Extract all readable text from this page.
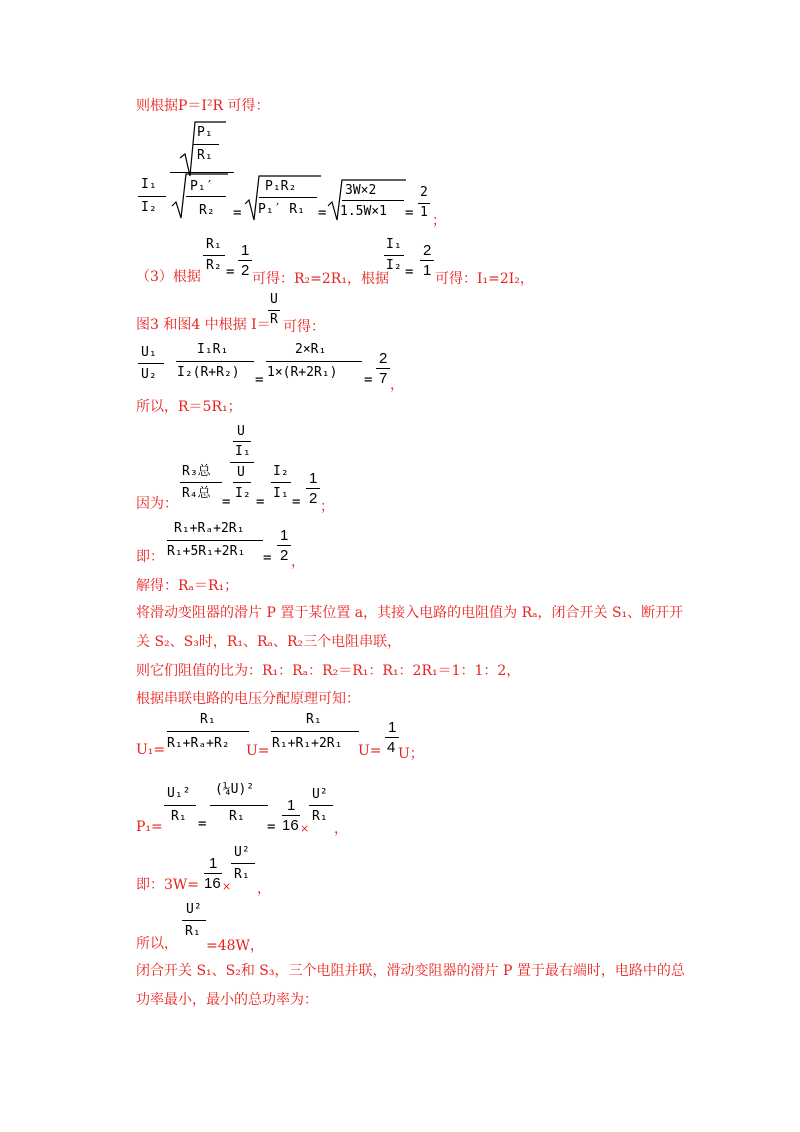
则根据P＝I²R 可得：
I₁
I₂
P₁
R₁
P₁′
R₂ =
P₁R₂
P₁′ R₁ =
3W×2
1.5W×1 =
2
1
；
（3）根据
R₁
R₂ =
1
2 可得：R₂=2R₁，根据
I₁
I₂ =
2
1 可得：I₁=2I₂，
图3 和图4 中根据 I＝
U
R 可得：
U₁
U₂
I₁R₁
I₂(R+R₂) =
2×R₁
1×(R+2R₁) =
2
7 ，
所以，R＝5R₁；
因为：
R₃总
R₄总
=
U
I₁
U
I₂
=
I₂
I₁
=
1
2 ；
即：
R₁+Rₐ+2R₁
R₁+5R₁+2R₁ =
1
2 ，
解得：Rₐ＝R₁；
将滑动变阻器的滑片 P 置于某位置 a，其接入电路的电阻值为 Rₐ，闭合开关 S₁、断开开
关 S₂、S₃时，R₁、Rₐ、R₂三个电阻串联，
则它们阻值的比为：R₁：Rₐ：R₂＝R₁：R₁：2R₁＝1：1：2，
根据串联电路的电压分配原理可知：
U₁=
R₁
R₁+Rₐ+R₂ U=
R₁
R₁+R₁+2R₁ U=
1
4 U；
P₁=
U₁²
R₁ =
(¼U)²
R₁
=
1
16 ×
U²
R₁
，
即：3W=
1
16 ×
U²
R₁
，
所以，
U²
R₁
=48W，
闭合开关 S₁、S₂和 S₃，三个电阻并联，滑动变阻器的滑片 P 置于最右端时，电路中的总
功率最小，最小的总功率为：
